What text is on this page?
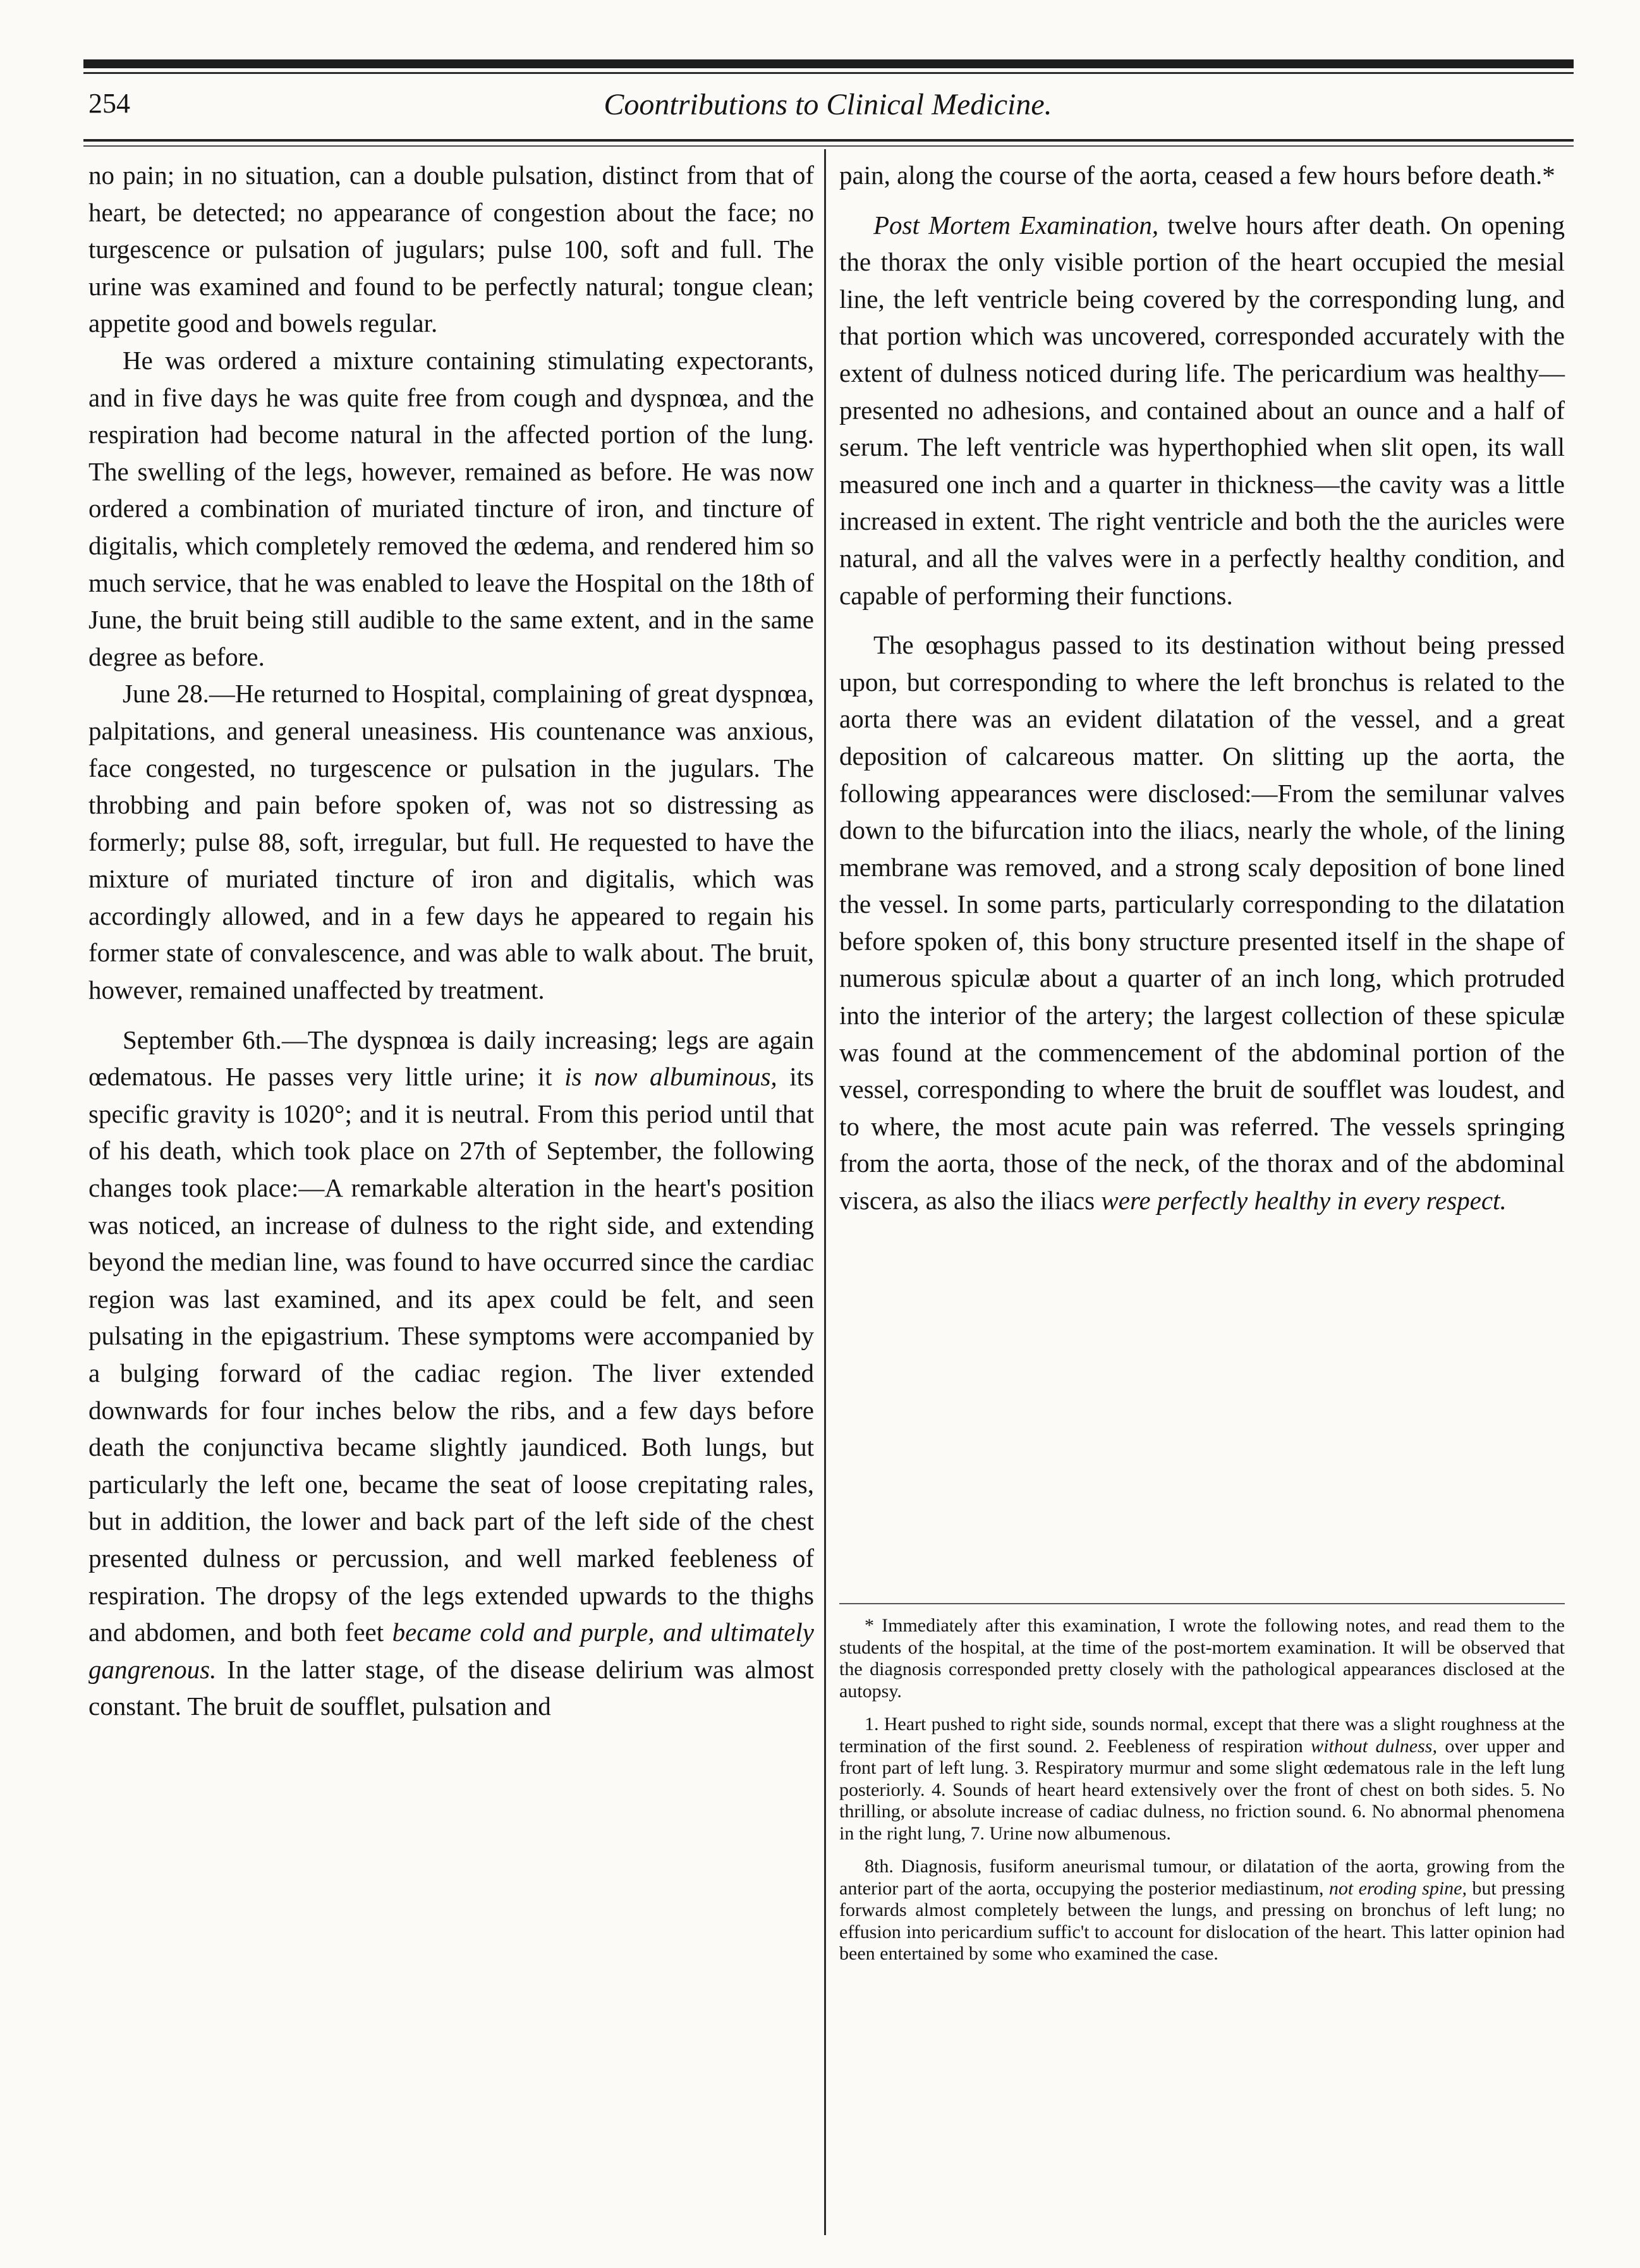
Coontributions to Clinical Medicine.
254

no pain; in no situation, can a double pulsation, distinct from that of heart, be detected; no appearance of congestion about the face; no turgescence or pulsation of jugulars; pulse 100, soft and full. The urine was examined and found to be perfectly natural; tongue clean; appetite good and bowels regular.

He was ordered a mixture containing stimulating expectorants, and in five days he was quite free from cough and dyspnœa, and the respiration had become natural in the affected portion of the lung. The swelling of the legs, however, remained as before. He was now ordered a combination of muriated tincture of iron, and tincture of digitalis, which completely removed the œdema, and rendered him so much service, that he was enabled to leave the Hospital on the 18th of June, the bruit being still audible to the same extent, and in the same degree as before.

June 28.—He returned to Hospital, complaining of great dyspnœa, palpitations, and general uneasiness. His countenance was anxious, face congested, no turgescence or pulsation in the jugulars. The throbbing and pain before spoken of, was not so distressing as formerly; pulse 88, soft, irregular, but full. He requested to have the mixture of muriated tincture of iron and digitalis, which was accordingly allowed, and in a few days he appeared to regain his former state of convalescence, and was able to walk about. The bruit, however, remained unaffected by treatment.

September 6th.—The dyspnœa is daily increasing; legs are again œdematous. He passes very little urine; it is now albuminous, its specific gravity is 1020°; and it is neutral. From this period until that of his death, which took place on 27th of September, the following changes took place:—A remarkable alteration in the heart's position was noticed, an increase of dulness to the right side, and extending beyond the median line, was found to have occurred since the cardiac region was last examined, and its apex could be felt, and seen pulsating in the epigastrium. These symptoms were accompanied by a bulging forward of the cadiac region. The liver extended downwards for four inches below the ribs, and a few days before death the conjunctiva became slightly jaundiced. Both lungs, but particularly the left one, became the seat of loose crepitating rales, but in addition, the lower and back part of the left side of the chest presented dulness or percussion, and well marked feebleness of respiration. The dropsy of the legs extended upwards to the thighs and abdomen, and both feet became cold and purple, and ultimately gangrenous. In the latter stage, of the disease delirium was almost constant. The bruit de soufflet, pulsation and

pain, along the course of the aorta, ceased a few hours before death.*

Post Mortem Examination, twelve hours after death. On opening the thorax the only visible portion of the heart occupied the mesial line, the left ventricle being covered by the corresponding lung, and that portion which was uncovered, corresponded accurately with the extent of dulness noticed during life. The pericardium was healthy—presented no adhesions, and contained about an ounce and a half of serum. The left ventricle was hyperthophied when slit open, its wall measured one inch and a quarter in thickness—the cavity was a little increased in extent. The right ventricle and both the the auricles were natural, and all the valves were in a perfectly healthy condition, and capable of performing their functions.

The œsophagus passed to its destination without being pressed upon, but corresponding to where the left bronchus is related to the aorta there was an evident dilatation of the vessel, and a great deposition of calcareous matter. On slitting up the aorta, the following appearances were disclosed:—From the semilunar valves down to the bifurcation into the iliacs, nearly the whole, of the lining membrane was removed, and a strong scaly deposition of bone lined the vessel. In some parts, particularly corresponding to the dilatation before spoken of, this bony structure presented itself in the shape of numerous spiculæ about a quarter of an inch long, which protruded into the interior of the artery; the largest collection of these spiculæ was found at the commencement of the abdominal portion of the vessel, corresponding to where the bruit de soufflet was loudest, and to where, the most acute pain was referred. The vessels springing from the aorta, those of the neck, of the thorax and of the abdominal viscera, as also the iliacs were perfectly healthy in every respect.

* Immediately after this examination, I wrote the following notes, and read them to the students of the hospital, at the time of the post-mortem examination. It will be observed that the diagnosis corresponded pretty closely with the pathological appearances disclosed at the autopsy.

1. Heart pushed to right side, sounds normal, except that there was a slight roughness at the termination of the first sound. 2. Feebleness of respiration without dulness, over upper and front part of left lung. 3. Respiratory murmur and some slight œdematous rale in the left lung posteriorly. 4. Sounds of heart heard extensively over the front of chest on both sides. 5. No thrilling, or absolute increase of cadiac dulness, no friction sound. 6. No abnormal phenomena in the right lung, 7. Urine now albumenous.

8th. Diagnosis, fusiform aneurismal tumour, or dilatation of the aorta, growing from the anterior part of the aorta, occupying the posterior mediastinum, not eroding spine, but pressing forwards almost completely between the lungs, and pressing on bronchus of left lung; no effusion into pericardium suffic't to account for dislocation of the heart. This latter opinion had been entertained by some who examined the case.
